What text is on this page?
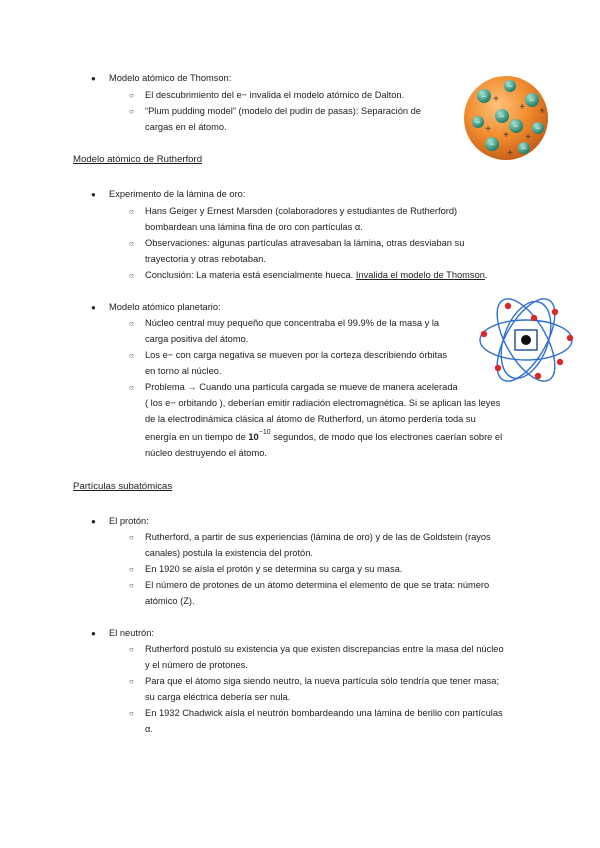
● Modelo atómico de Thomson:
○ El descubrimiento del e− invalida el modelo atómico de Dalton.
○ “Plum pudding model” (modelo del pudin de pasas): Separación de
cargas en el átomo.
−
−
−
−
−
− −
−	−
+
+
+
+ +
+
+
Modelo atómico de Rutherford
● Experimento de la lámina de oro:
○ Hans Geiger y Ernest Marsden (colaboradores y estudiantes de Rutherford)
bombardean una lámina fina de oro con partículas α.
○ Observaciones: algunas partículas atravesaban la lámina, otras desviaban su
trayectoria y otras rebotaban.
○ Conclusión: La materia está esencialmente hueca. Invalida el modelo de Thomson.
● Modelo atómico planetario:
○ Núcleo central muy pequeño que concentraba el 99.9% de la masa y la
carga positiva del átomo.
○ Los e− con carga negativa se mueven por la corteza describiendo órbitas
en torno al núcleo.
○ Problema → Cuando una partícula cargada se mueve de manera acelerada
( los e− orbitando ), deberían emitir radiación electromagnética. Si se aplican las leyes
de la electrodinámica clásica al átomo de Rutherford, un átomo perdería toda su
energía en un tiempo de $10^{-10}$ segundos, de modo que los electrones caerían sobre el
núcleo destruyendo el átomo.
Partículas subatómicas
● El protón:
○ Rutherford, a partir de sus experiencias (lámina de oro) y de las de Goldstein (rayos
canales) postula la existencia del protón.
○ En 1920 se aísla el protón y se determina su carga y su masa.
○ El número de protones de un átomo determina el elemento de que se trata: número
atómico (Z).
● El neutrón:
○ Rutherford postuló su existencia ya que existen discrepancias entre la masa del núcleo
y el número de protones.
○ Para que el átomo siga siendo neutro, la nueva partícula sólo tendría que tener masa;
su carga eléctrica debería ser nula.
○ En 1932 Chadwick aísla el neutrón bombardeando una lámina de berilio con partículas
α.
